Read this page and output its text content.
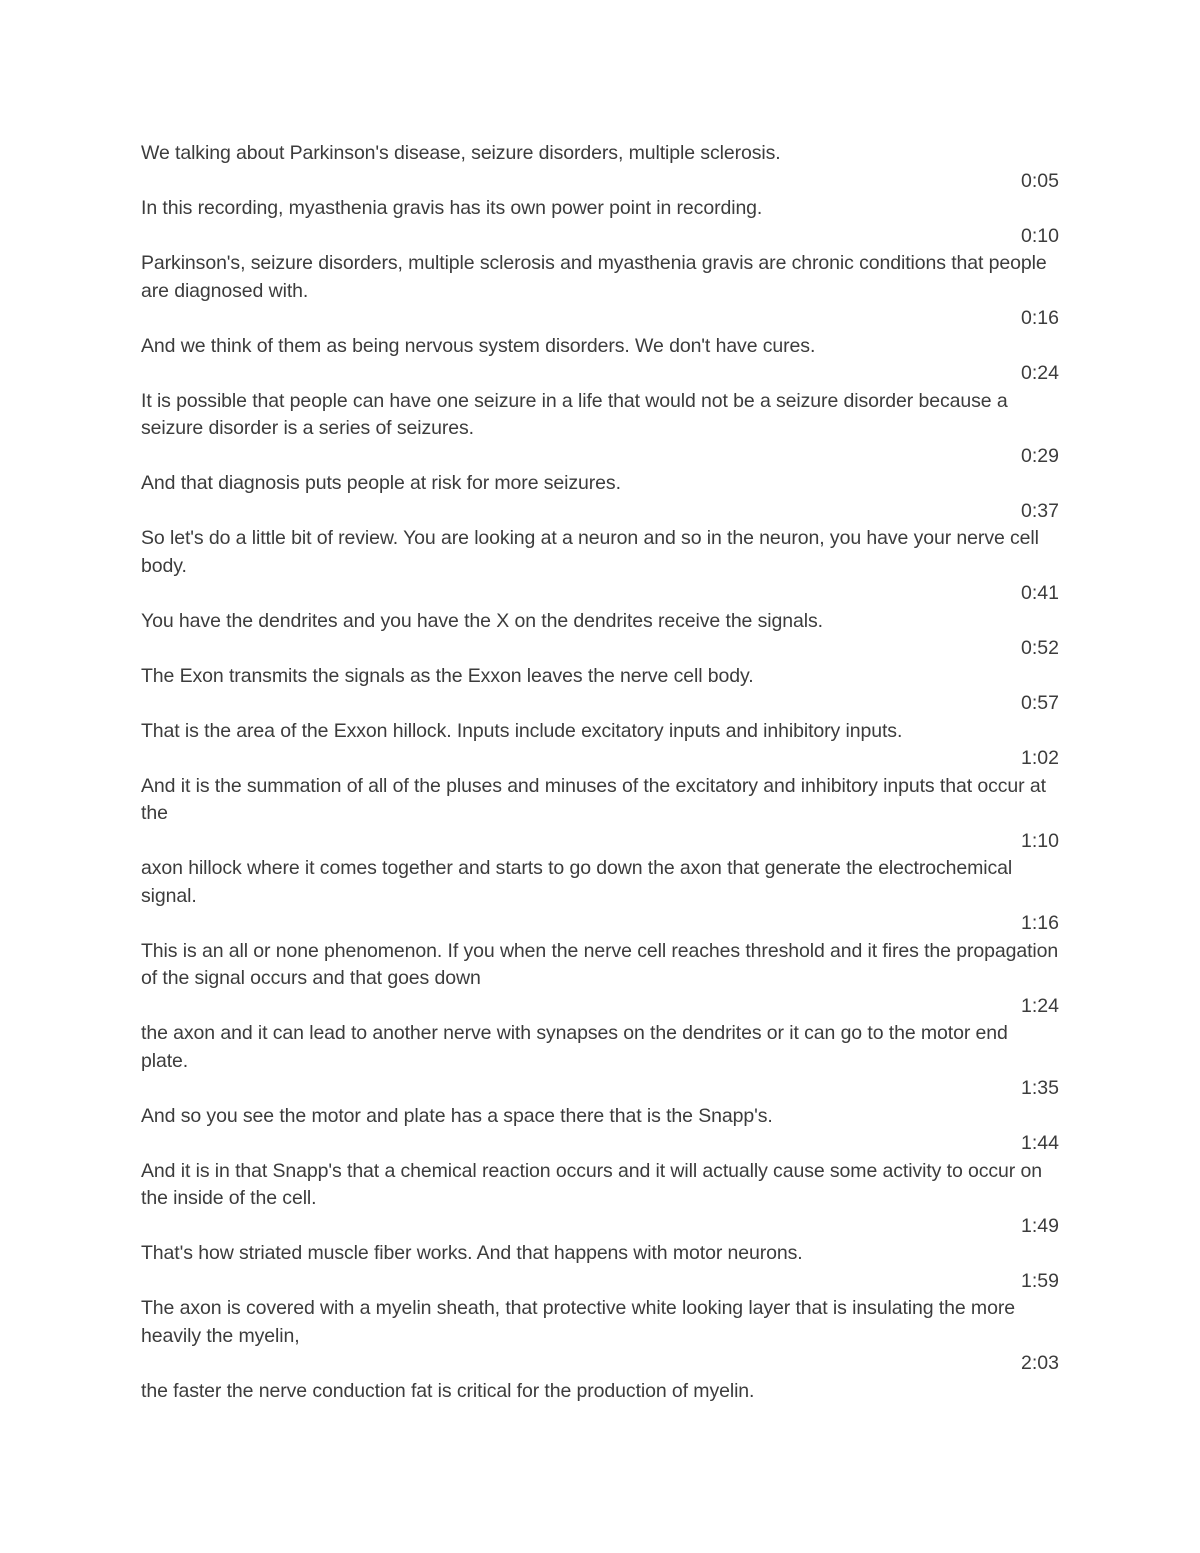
We talking about Parkinson's disease, seizure disorders, multiple sclerosis.

0:05

In this recording, myasthenia gravis has its own power point in recording.

0:10

Parkinson's, seizure disorders, multiple sclerosis and myasthenia gravis are chronic conditions that people are diagnosed with.

0:16

And we think of them as being nervous system disorders. We don't have cures.

0:24

It is possible that people can have one seizure in a life that would not be a seizure disorder because a seizure disorder is a series of seizures.

0:29

And that diagnosis puts people at risk for more seizures.

0:37

So let's do a little bit of review. You are looking at a neuron and so in the neuron, you have your nerve cell body.

0:41

You have the dendrites and you have the X on the dendrites receive the signals.

0:52

The Exon transmits the signals as the Exxon leaves the nerve cell body.

0:57

That is the area of the Exxon hillock. Inputs include excitatory inputs and inhibitory inputs.

1:02

And it is the summation of all of the pluses and minuses of the excitatory and inhibitory inputs that occur at the

1:10

axon hillock where it comes together and starts to go down the axon that generate the electrochemical signal.

1:16

This is an all or none phenomenon. If you when the nerve cell reaches threshold and it fires the propagation of the signal occurs and that goes down

1:24

the axon and it can lead to another nerve with synapses on the dendrites or it can go to the motor end plate.

1:35

And so you see the motor and plate has a space there that is the Snapp's.

1:44

And it is in that Snapp's that a chemical reaction occurs and it will actually cause some activity to occur on the inside of the cell.

1:49

That's how striated muscle fiber works. And that happens with motor neurons.

1:59

The axon is covered with a myelin sheath, that protective white looking layer that is insulating the more heavily the myelin,

2:03

the faster the nerve conduction fat is critical for the production of myelin.
